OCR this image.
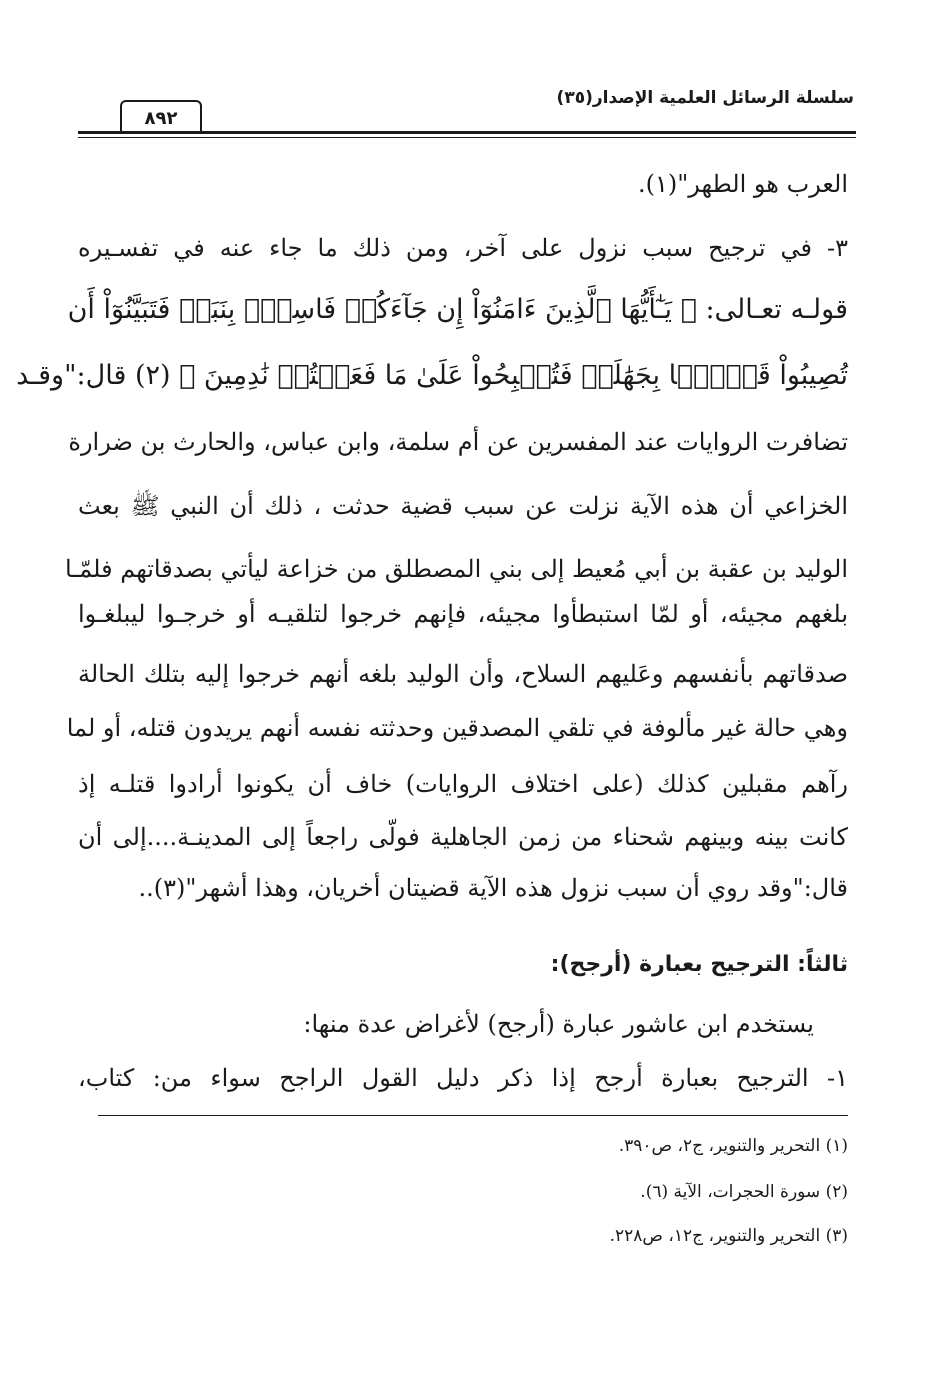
سلسلة الرسائل العلمية الإصدار(٣٥)
٨٩٢
العرب هو الطهر"(١).
٣- في ترجيح سبب نزول على آخر، ومن ذلك ما جاء عنه في تفسـيره
قولـه تعـالى: ﴿ يَـٰٓأَيُّهَا ٱلَّذِينَ ءَامَنُوٓاْ إِن جَآءَكُمۡ فَاسِقُۢ بِنَبَإٖ فَتَبَيَّنُوٓاْ أَن
تُصِيبُواْ قَوۡمَۢا بِجَهَٰلَةٖ فَتُصۡبِحُواْ عَلَىٰ مَا فَعَلۡتُمۡ نَٰدِمِينَ ﴾ (٢) قال:"وقـد
تضافرت الروايات عند المفسرين عن أم سلمة، وابن عباس، والحارث بن ضرارة
الخزاعي أن هذه الآية نزلت عن سبب قضية حدثت ، ذلك أن النبي ﷺ بعث
الوليد بن عقبة بن أبي مُعيط إلى بني المصطلق من خزاعة ليأتي بصدقاتهم فلمّـا
بلغهم مجيئه، أو لمّا استبطأوا مجيئه، فإنهم خرجوا لتلقيـه أو خرجـوا ليبلغـوا
صدقاتهم بأنفسهم وعَليهم السلاح، وأن الوليد بلغه أنهم خرجوا إليه بتلك الحالة
وهي حالة غير مألوفة في تلقي المصدقين وحدثته نفسه أنهم يريدون قتله، أو لما
رآهم مقبلين كذلك (على اختلاف الروايات) خاف أن يكونوا أرادوا قتلـه إذ
كانت بينه وبينهم شحناء من زمن الجاهلية فولّى راجعاً إلى المدينـة....إلى أن
قال:"وقد روي أن سبب نزول هذه الآية قضيتان أخريان، وهذا أشهر"(٣)..
ثالثاً: الترجيح بعبارة (أرجح):
يستخدم ابن عاشور عبارة (أرجح) لأغراض عدة منها:
١- الترجيح بعبارة أرجح إذا ذكر دليل القول الراجح سواء من: كتاب،
(١) التحرير والتنوير، ج٢، ص٣٩٠.
(٢) سورة الحجرات، الآية (٦).
(٣) التحرير والتنوير، ج١٢، ص٢٢٨.
